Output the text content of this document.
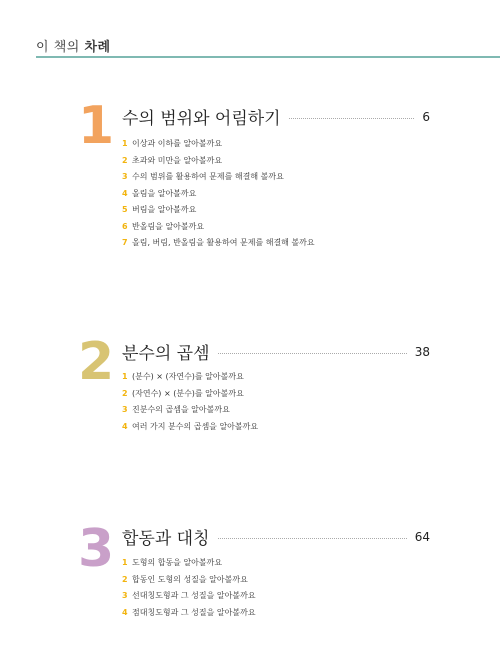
이 책의 차례
1 수의 범위와 어림하기	6
1 이상과 이하를 알아볼까요
2 초과와 미만을 알아볼까요
3 수의 범위를 활용하여 문제를 해결해 볼까요
4 올림을 알아볼까요
5 버림을 알아볼까요
6 반올림을 알아볼까요
7 올림, 버림, 반올림을 활용하여 문제를 해결해 볼까요
2 분수의 곱셈	38
1 (분수) × (자연수)를 알아볼까요
2 (자연수) × (분수)를 알아볼까요
3 진분수의 곱셈을 알아볼까요
4 여러 가지 분수의 곱셈을 알아볼까요
3 합동과 대칭	64
1 도형의 합동을 알아볼까요
2 합동인 도형의 성질을 알아볼까요
3 선대칭도형과 그 성질을 알아볼까요
4 점대칭도형과 그 성질을 알아볼까요
